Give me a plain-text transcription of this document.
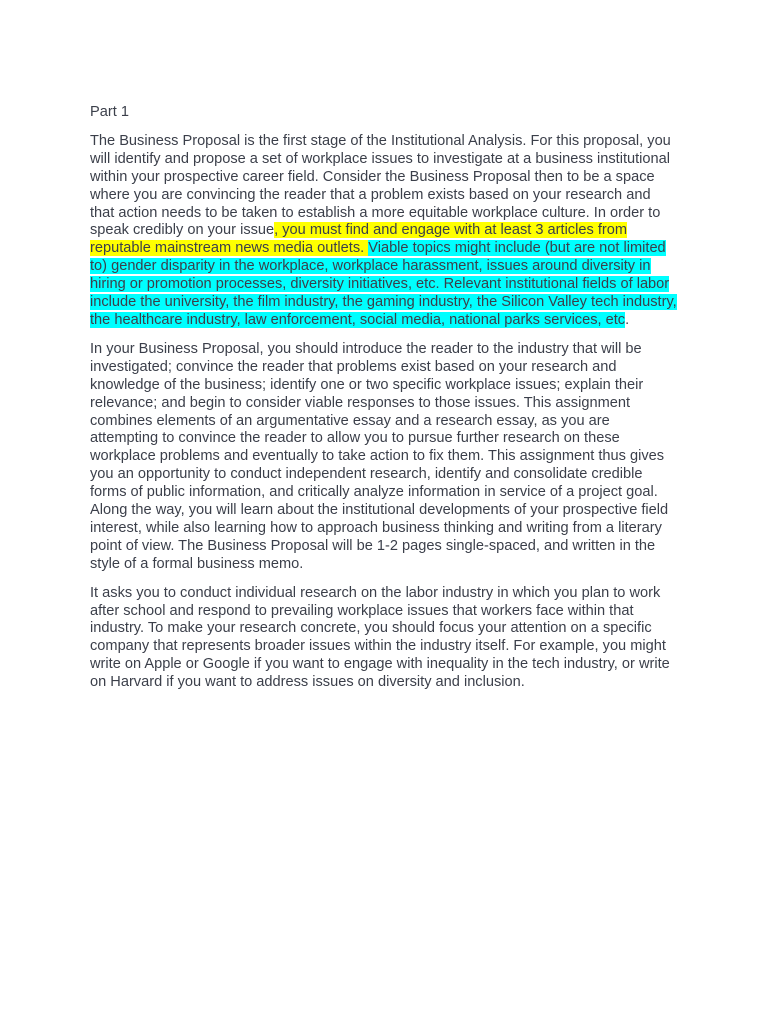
Part 1

The Business Proposal is the first stage of the Institutional Analysis. For this proposal, you will identify and propose a set of workplace issues to investigate at a business institutional within your prospective career field. Consider the Business Proposal then to be a space where you are convincing the reader that a problem exists based on your research and that action needs to be taken to establish a more equitable workplace culture. In order to speak credibly on your issue, you must find and engage with at least 3 articles from reputable mainstream news media outlets. Viable topics might include (but are not limited to) gender disparity in the workplace, workplace harassment, issues around diversity in hiring or promotion processes, diversity initiatives, etc. Relevant institutional fields of labor include the university, the film industry, the gaming industry, the Silicon Valley tech industry, the healthcare industry, law enforcement, social media, national parks services, etc.

In your Business Proposal, you should introduce the reader to the industry that will be investigated; convince the reader that problems exist based on your research and knowledge of the business; identify one or two specific workplace issues; explain their relevance; and begin to consider viable responses to those issues. This assignment combines elements of an argumentative essay and a research essay, as you are attempting to convince the reader to allow you to pursue further research on these workplace problems and eventually to take action to fix them. This assignment thus gives you an opportunity to conduct independent research, identify and consolidate credible forms of public information, and critically analyze information in service of a project goal. Along the way, you will learn about the institutional developments of your prospective field interest, while also learning how to approach business thinking and writing from a literary point of view. The Business Proposal will be 1-2 pages single-spaced, and written in the style of a formal business memo.

It asks you to conduct individual research on the labor industry in which you plan to work after school and respond to prevailing workplace issues that workers face within that industry. To make your research concrete, you should focus your attention on a specific company that represents broader issues within the industry itself. For example, you might write on Apple or Google if you want to engage with inequality in the tech industry, or write on Harvard if you want to address issues on diversity and inclusion.
